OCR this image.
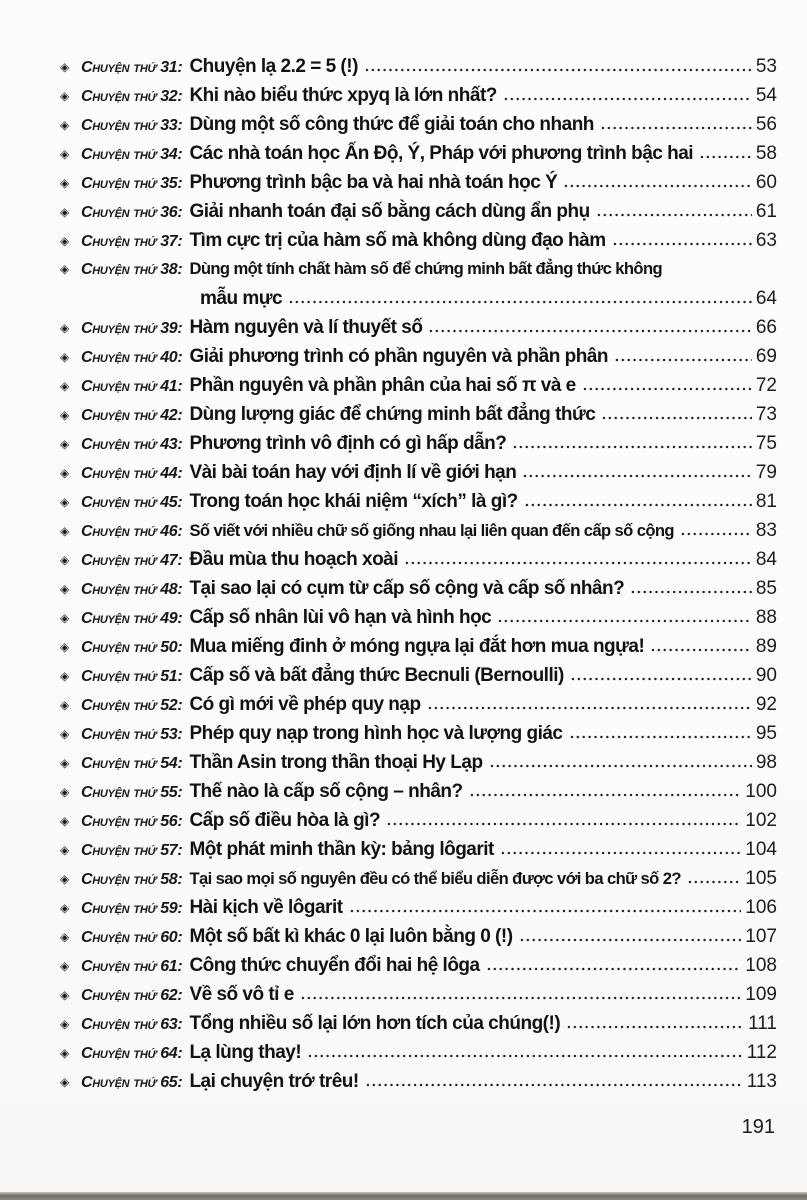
◈ Chuyện thứ 31: Chuyện lạ 2.2 = 5 (!)	53
◈ Chuyện thứ 32: Khi nào biểu thức xpyq là lớn nhất?	54
◈ Chuyện thứ 33: Dùng một số công thức để giải toán cho nhanh	56
◈ Chuyện thứ 34: Các nhà toán học Ấn Độ, Ý, Pháp với phương trình bậc hai	58
◈ Chuyện thứ 35: Phương trình bậc ba và hai nhà toán học Ý	60
◈ Chuyện thứ 36: Giải nhanh toán đại số bằng cách dùng ẩn phụ	61
◈ Chuyện thứ 37: Tìm cực trị của hàm số mà không dùng đạo hàm	63
◈ Chuyện thứ 38: Dùng một tính chất hàm số để chứng minh bất đẳng thức không
mẫu mực	64
◈ Chuyện thứ 39: Hàm nguyên và lí thuyết số	66
◈ Chuyện thứ 40: Giải phương trình có phần nguyên và phần phân	69
◈ Chuyện thứ 41: Phần nguyên và phần phân của hai số π và e	72
◈ Chuyện thứ 42: Dùng lượng giác để chứng minh bất đẳng thức	73
◈ Chuyện thứ 43: Phương trình vô định có gì hấp dẫn?	75
◈ Chuyện thứ 44: Vài bài toán hay với định lí về giới hạn	79
◈ Chuyện thứ 45: Trong toán học khái niệm “xích” là gì?	81
◈ Chuyện thứ 46: Số viết với nhiều chữ số giống nhau lại liên quan đến cấp số cộng	83
◈ Chuyện thứ 47: Đầu mùa thu hoạch xoài	84
◈ Chuyện thứ 48: Tại sao lại có cụm từ cấp số cộng và cấp số nhân?	85
◈ Chuyện thứ 49: Cấp số nhân lùi vô hạn và hình học	88
◈ Chuyện thứ 50: Mua miếng đinh ở móng ngựa lại đắt hơn mua ngựa!	89
◈ Chuyện thứ 51: Cấp số và bất đẳng thức Becnuli (Bernoulli)	90
◈ Chuyện thứ 52: Có gì mới về phép quy nạp	92
◈ Chuyện thứ 53: Phép quy nạp trong hình học và lượng giác	95
◈ Chuyện thứ 54: Thần Asin trong thần thoại Hy Lạp	98
◈ Chuyện thứ 55: Thế nào là cấp số cộng – nhân?	100
◈ Chuyện thứ 56: Cấp số điều hòa là gì?	102
◈ Chuyện thứ 57: Một phát minh thần kỳ: bảng lôgarit	104
◈ Chuyện thứ 58: Tại sao mọi số nguyên đều có thể biểu diễn được với ba chữ số 2?	105
◈ Chuyện thứ 59: Hài kịch về lôgarit	106
◈ Chuyện thứ 60: Một số bất kì khác 0 lại luôn bằng 0 (!)	107
◈ Chuyện thứ 61: Công thức chuyển đổi hai hệ lôga	108
◈ Chuyện thứ 62: Về số vô tỉ e	109
◈ Chuyện thứ 63: Tổng nhiều số lại lớn hơn tích của chúng(!)	111
◈ Chuyện thứ 64: Lạ lùng thay!	112
◈ Chuyện thứ 65: Lại chuyện trớ trêu!	113
191
